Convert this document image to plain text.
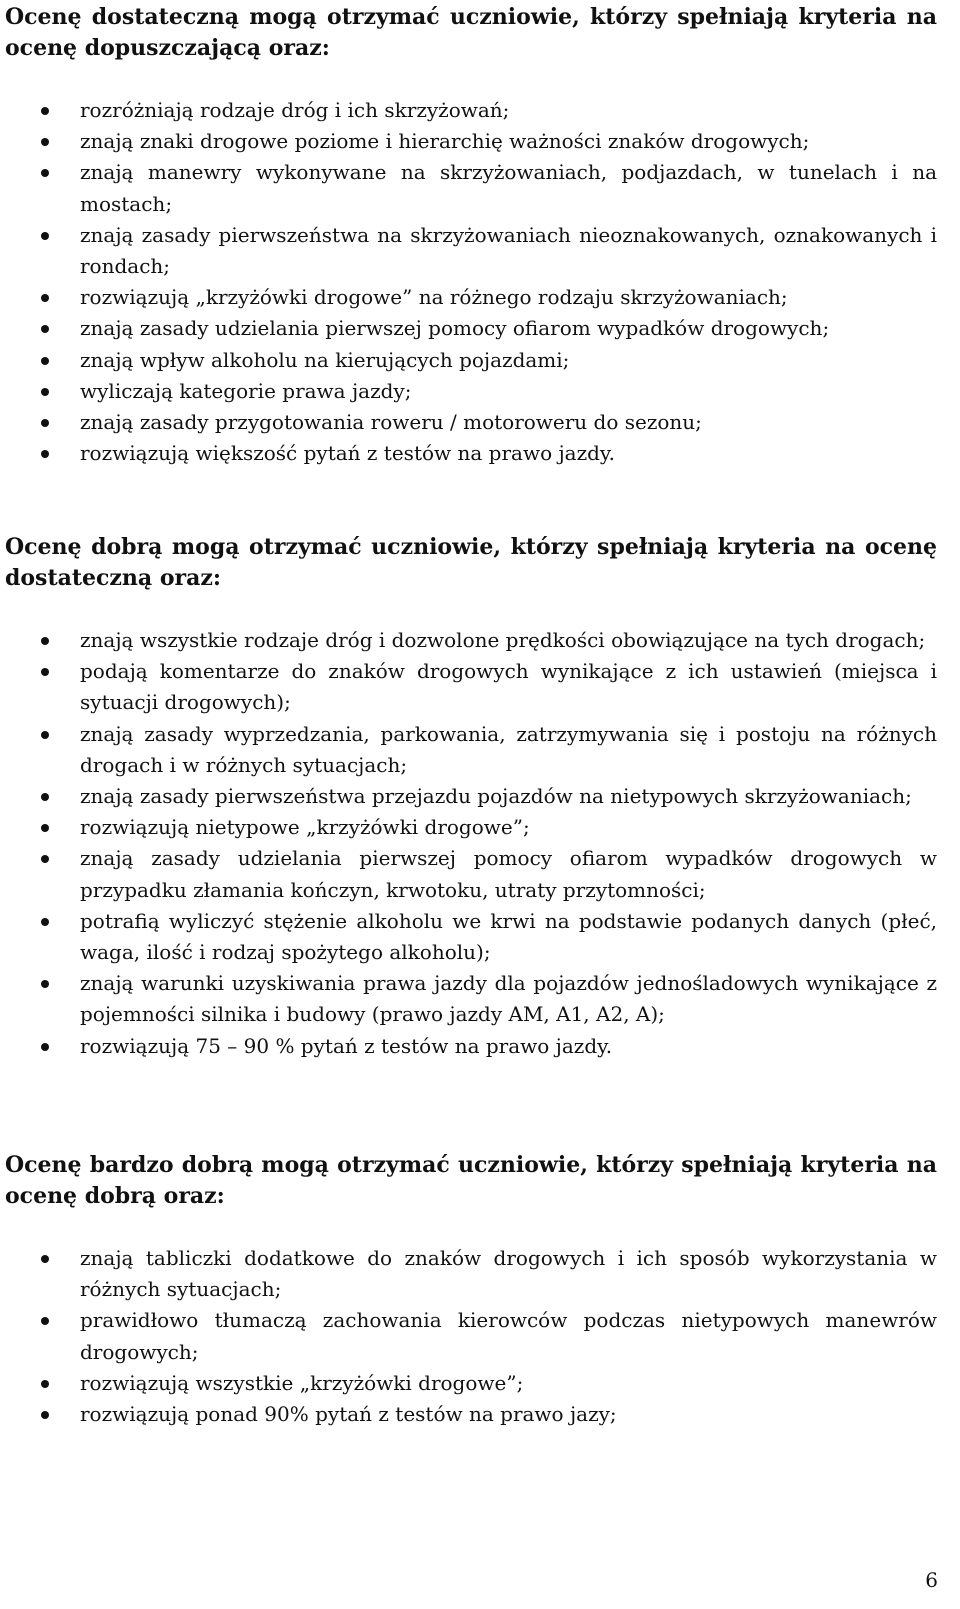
Ocenę dostateczną mogą otrzymać uczniowie, którzy spełniają kryteria na ocenę dopuszczającą oraz:
rozróżniają rodzaje dróg i ich skrzyżowań;
znają znaki drogowe poziome i hierarchię ważności znaków drogowych;
znają manewry wykonywane na skrzyżowaniach, podjazdach, w tunelach i na mostach;
znają zasady pierwszeństwa na skrzyżowaniach nieoznakowanych, oznakowanych i rondach;
rozwiązują „krzyżówki drogowe” na różnego rodzaju skrzyżowaniach;
znają zasady udzielania pierwszej pomocy ofiarom wypadków drogowych;
znają wpływ alkoholu na kierujących pojazdami;
wyliczają kategorie prawa jazdy;
znają zasady przygotowania roweru / motoroweru do sezonu;
rozwiązują większość pytań z testów na prawo jazdy.
Ocenę dobrą mogą otrzymać uczniowie, którzy spełniają kryteria na ocenę dostateczną oraz:
znają wszystkie rodzaje dróg i dozwolone prędkości obowiązujące na tych drogach;
podają komentarze do znaków drogowych wynikające z ich ustawień (miejsca i sytuacji drogowych);
znają zasady wyprzedzania, parkowania, zatrzymywania się i postoju na różnych drogach i w różnych sytuacjach;
znają zasady pierwszeństwa przejazdu pojazdów na nietypowych skrzyżowaniach;
rozwiązują nietypowe „krzyżówki drogowe”;
znają zasady udzielania pierwszej pomocy ofiarom wypadków drogowych w przypadku złamania kończyn, krwotoku, utraty przytomności;
potrafią wyliczyć stężenie alkoholu we krwi na podstawie podanych danych (płeć, waga, ilość i rodzaj spożytego alkoholu);
znają warunki uzyskiwania prawa jazdy dla pojazdów jednośladowych wynikające z pojemności silnika i budowy (prawo jazdy AM, A1, A2, A);
rozwiązują 75 – 90 % pytań z testów na prawo jazdy.
Ocenę bardzo dobrą mogą otrzymać uczniowie, którzy spełniają kryteria na ocenę dobrą oraz:
znają tabliczki dodatkowe do znaków drogowych i ich sposób wykorzystania w różnych sytuacjach;
prawidłowo tłumaczą zachowania kierowców podczas nietypowych manewrów drogowych;
rozwiązują wszystkie „krzyżówki drogowe”;
rozwiązują ponad 90% pytań z testów na prawo jazy;
6
